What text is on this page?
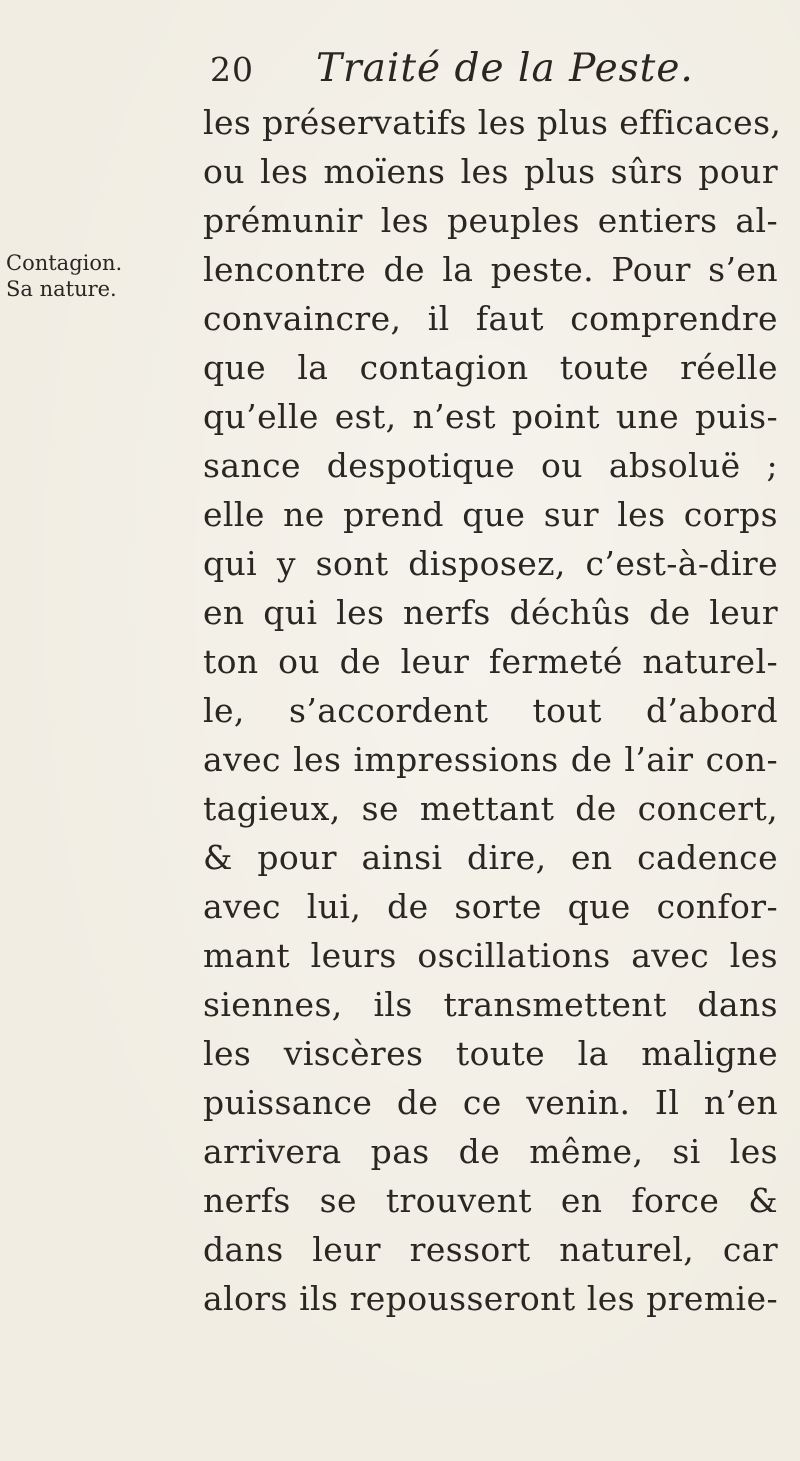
20 Traité de la Peste.
Contagion.
Sa nature.
les préservatifs les plus efficaces,
ou les moïens les plus sûrs pour
prémunir les peuples entiers al-
lencontre de la peste. Pour s’en
convaincre, il faut comprendre
que la contagion toute réelle
qu’elle est, n’est point une puis-
sance despotique ou absoluë ;
elle ne prend que sur les corps
qui y sont disposez, c’est-à-dire
en qui les nerfs déchûs de leur
ton ou de leur fermeté naturel-
le, s’accordent tout d’abord
avec les impressions de l’air con-
tagieux, se mettant de concert,
& pour ainsi dire, en cadence
avec lui, de sorte que confor-
mant leurs oscillations avec les
siennes, ils transmettent dans
les viscères toute la maligne
puissance de ce venin. Il n’en
arrivera pas de même, si les
nerfs se trouvent en force &
dans leur ressort naturel, car
alors ils repousseront les premie-
